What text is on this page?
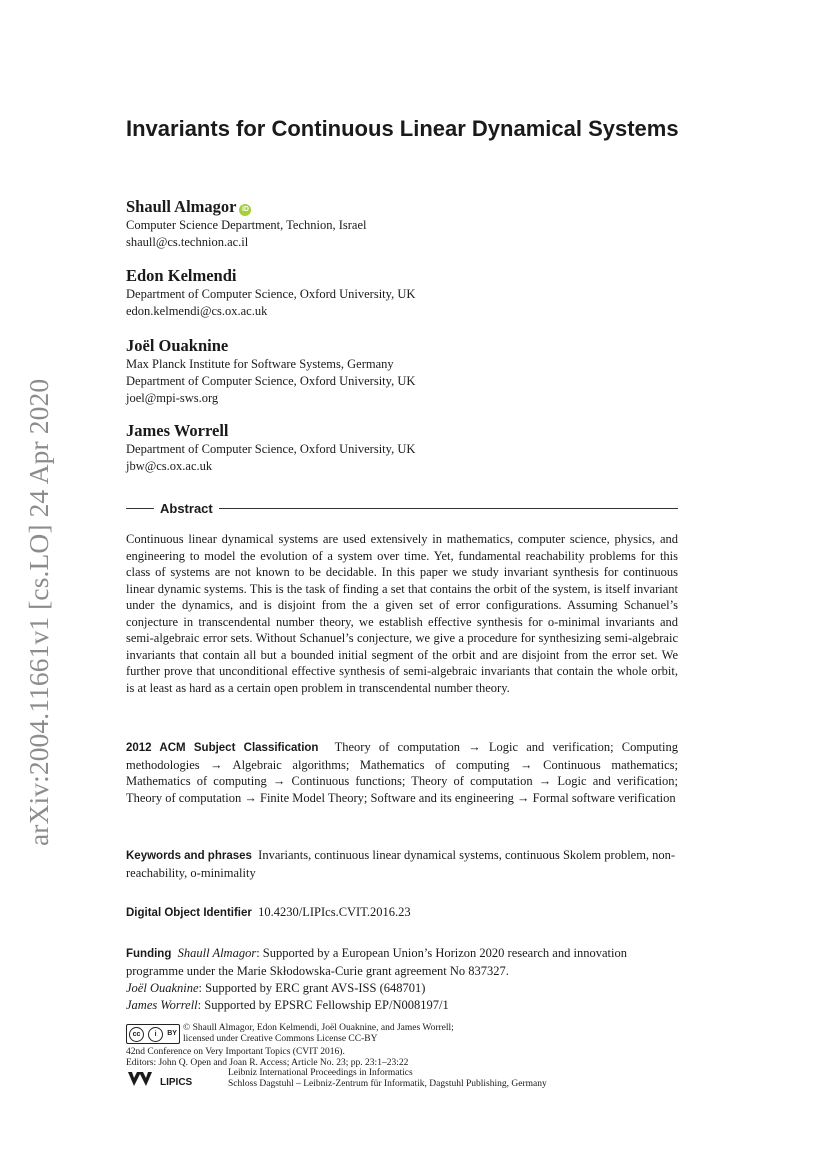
arXiv:2004.11661v1 [cs.LO] 24 Apr 2020
Invariants for Continuous Linear Dynamical Systems
Shaull Almagor iD
Computer Science Department, Technion, Israel
shaull@cs.technion.ac.il
Edon Kelmendi
Department of Computer Science, Oxford University, UK
edon.kelmendi@cs.ox.ac.uk
Joël Ouaknine
Max Planck Institute for Software Systems, Germany
Department of Computer Science, Oxford University, UK
joel@mpi-sws.org
James Worrell
Department of Computer Science, Oxford University, UK
jbw@cs.ox.ac.uk
Abstract
Continuous linear dynamical systems are used extensively in mathematics, computer science, physics, and engineering to model the evolution of a system over time. Yet, fundamental reachability problems for this class of systems are not known to be decidable. In this paper we study invariant synthesis for continuous linear dynamic systems. This is the task of finding a set that contains the orbit of the system, is itself invariant under the dynamics, and is disjoint from the a given set of error configurations. Assuming Schanuel’s conjecture in transcendental number theory, we establish effective synthesis for o-minimal invariants and semi-algebraic error sets. Without Schanuel’s conjecture, we give a procedure for synthesizing semi-algebraic invariants that contain all but a bounded initial segment of the orbit and are disjoint from the error set. We further prove that unconditional effective synthesis of semi-algebraic invariants that contain the whole orbit, is at least as hard as a certain open problem in transcendental number theory.
2012 ACM Subject Classification Theory of computation → Logic and verification; Computing methodologies → Algebraic algorithms; Mathematics of computing → Continuous mathematics; Mathematics of computing → Continuous functions; Theory of computation → Logic and verification; Theory of computation → Finite Model Theory; Software and its engineering → Formal software verification
Keywords and phrases Invariants, continuous linear dynamical systems, continuous Skolem problem, non-reachability, o-minimality
Digital Object Identifier 10.4230/LIPIcs.CVIT.2016.23

Funding Shaull Almagor: Supported by a European Union’s Horizon 2020 research and innovation programme under the Marie Skłodowska-Curie grant agreement No 837327.

Joël Ouaknine: Supported by ERC grant AVS-ISS (648701)

James Worrell: Supported by EPSRC Fellowship EP/N008197/1

cc	i	BY
© Shaull Almagor, Edon Kelmendi, Joël Ouaknine, and James Worrell;
licensed under Creative Commons License CC-BY
42nd Conference on Very Important Topics (CVIT 2016).
Editors: John Q. Open and Joan R. Access; Article No. 23; pp. 23:1–23:22
LIPICS
Leibniz International Proceedings in Informatics
Schloss Dagstuhl – Leibniz-Zentrum für Informatik, Dagstuhl Publishing, Germany
